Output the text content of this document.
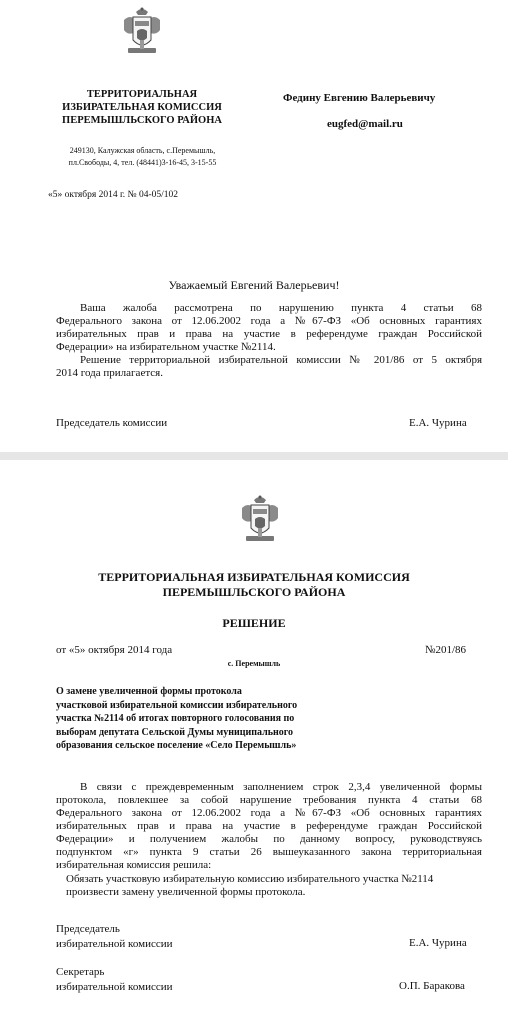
ТЕРРИТОРИАЛЬНАЯ
ИЗБИРАТЕЛЬНАЯ КОМИССИЯ
ПЕРЕМЫШЛЬСКОГО РАЙОНА
249130, Калужская область, с.Перемышль,
пл.Свободы, 4, тел. (48441)3-16-45, 3-15-55
«5» октября 2014 г. № 04-05/102
Федину Евгению Валерьевичу
eugfed@mail.ru
Уважаемый Евгений Валерьевич!
Ваша жалоба рассмотрена по нарушению пункта 4 статьи 68
Федерального закона от 12.06.2002 года а №67-ФЗ «Об основных гарантиях
избирательных прав и права на участие в референдуме граждан Российской
Федерации» на избирательном участке №2114.
Решение территориальной избирательной комиссии № 201/86 от 5 октября
2014 года прилагается.
Председатель комиссии	Е.А. Чурина
ТЕРРИТОРИАЛЬНАЯ ИЗБИРАТЕЛЬНАЯ КОМИССИЯ
ПЕРЕМЫШЛЬСКОГО РАЙОНА
РЕШЕНИЕ
от «5» октября 2014 года	№201/86
с. Перемышль
О замене увеличенной формы протокола
участковой избирательной комиссии избирательного
участка №2114 об итогах повторного голосования по
выборам депутата Сельской Думы муниципального
образования сельское поселение «Село Перемышль»
В связи с преждевременным заполнением строк 2,3,4 увеличенной формы
протокола, повлекшее за собой нарушение требования пункта 4 статьи 68
Федерального закона от 12.06.2002 года а №67-ФЗ «Об основных гарантиях
избирательных прав и права на участие в референдуме граждан Российской
Федерации» и получением жалобы по данному вопросу, руководствуясь
подпунктом «г» пункта 9 статьи 26 вышеуказанного закона территориальная
избирательная комиссия решила:
Обязать участковую избирательную комиссию избирательного участка №2114
произвести замену увеличенной формы протокола.
Председатель
избирательной комиссии	Е.А. Чурина
Секретарь
избирательной комиссии	О.П. Баракова
